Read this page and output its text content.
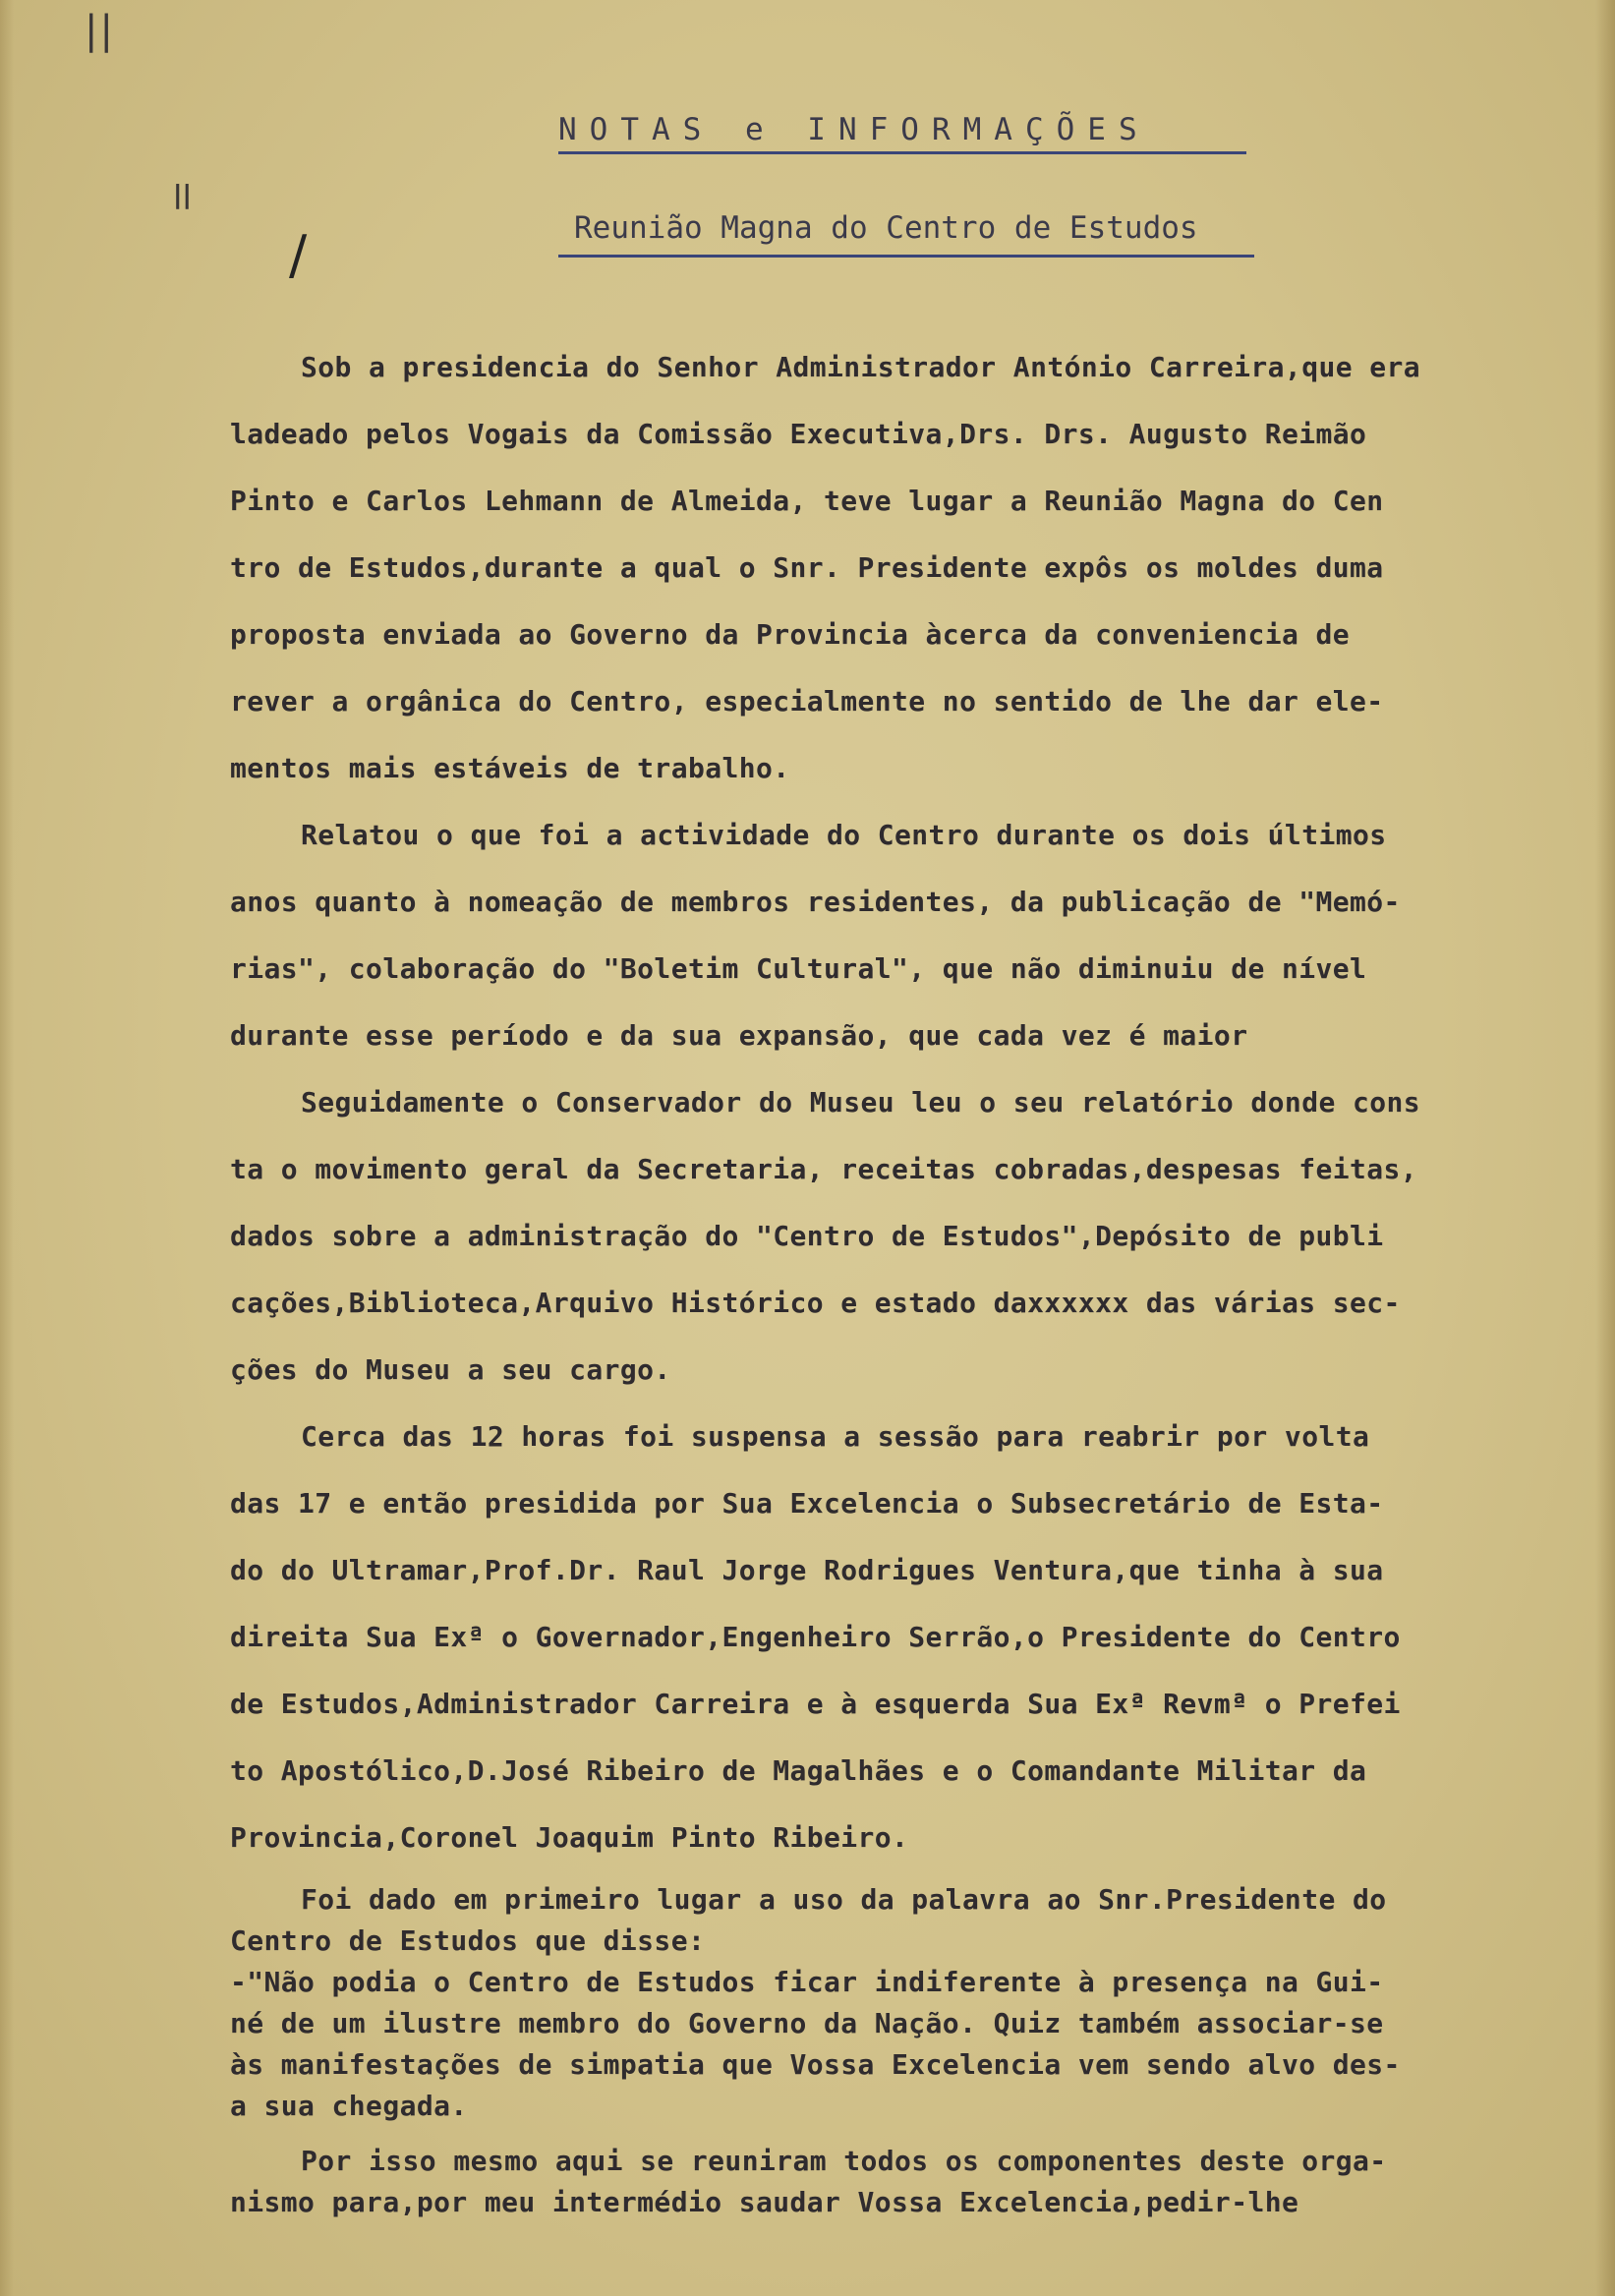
||
ll
/
NOTAS e INFORMAÇÕES
Reunião Magna do Centro de Estudos

Sob a presidencia do Senhor Administrador António Carreira,que era

ladeado pelos Vogais da Comissão Executiva,Drs. Drs. Augusto Reimão

Pinto e Carlos Lehmann de Almeida, teve lugar a Reunião Magna do Cen

tro de Estudos,durante a qual o Snr. Presidente expôs os moldes duma

proposta enviada ao Governo da Provincia àcerca da conveniencia de

rever a orgânica do Centro, especialmente no sentido de lhe dar ele-

mentos mais estáveis de trabalho.

Relatou o que foi a actividade do Centro durante os dois últimos

anos quanto à nomeação de membros residentes, da publicação de "Memó-

rias", colaboração do "Boletim Cultural", que não diminuiu de nível

durante esse período e da sua expansão, que cada vez é maior

Seguidamente o Conservador do Museu leu o seu relatório donde cons

ta o movimento geral da Secretaria, receitas cobradas,despesas feitas,

dados sobre a administração do "Centro de Estudos",Depósito de publi

cações,Biblioteca,Arquivo Histórico e estado daxxxxxx das várias sec-

ções do Museu a seu cargo.

Cerca das 12 horas foi suspensa a sessão para reabrir por volta

das 17 e então presidida por Sua Excelencia o Subsecretário de Esta-

do do Ultramar,Prof.Dr. Raul Jorge Rodrigues Ventura,que tinha à sua

direita Sua Exª o Governador,Engenheiro Serrão,o Presidente do Centro

de Estudos,Administrador Carreira e à esquerda Sua Exª Revmª o Prefei

to Apostólico,D.José Ribeiro de Magalhães e o Comandante Militar da

Provincia,Coronel Joaquim Pinto Ribeiro.

Foi dado em primeiro lugar a uso da palavra ao Snr.Presidente do

Centro de Estudos que disse:

-"Não podia o Centro de Estudos ficar indiferente à presença na Gui-

né de um ilustre membro do Governo da Nação. Quiz também associar-se

às manifestações de simpatia que Vossa Excelencia vem sendo alvo des-

a sua chegada.

Por isso mesmo aqui se reuniram todos os componentes deste orga-

nismo para,por meu intermédio saudar Vossa Excelencia,pedir-lhe
